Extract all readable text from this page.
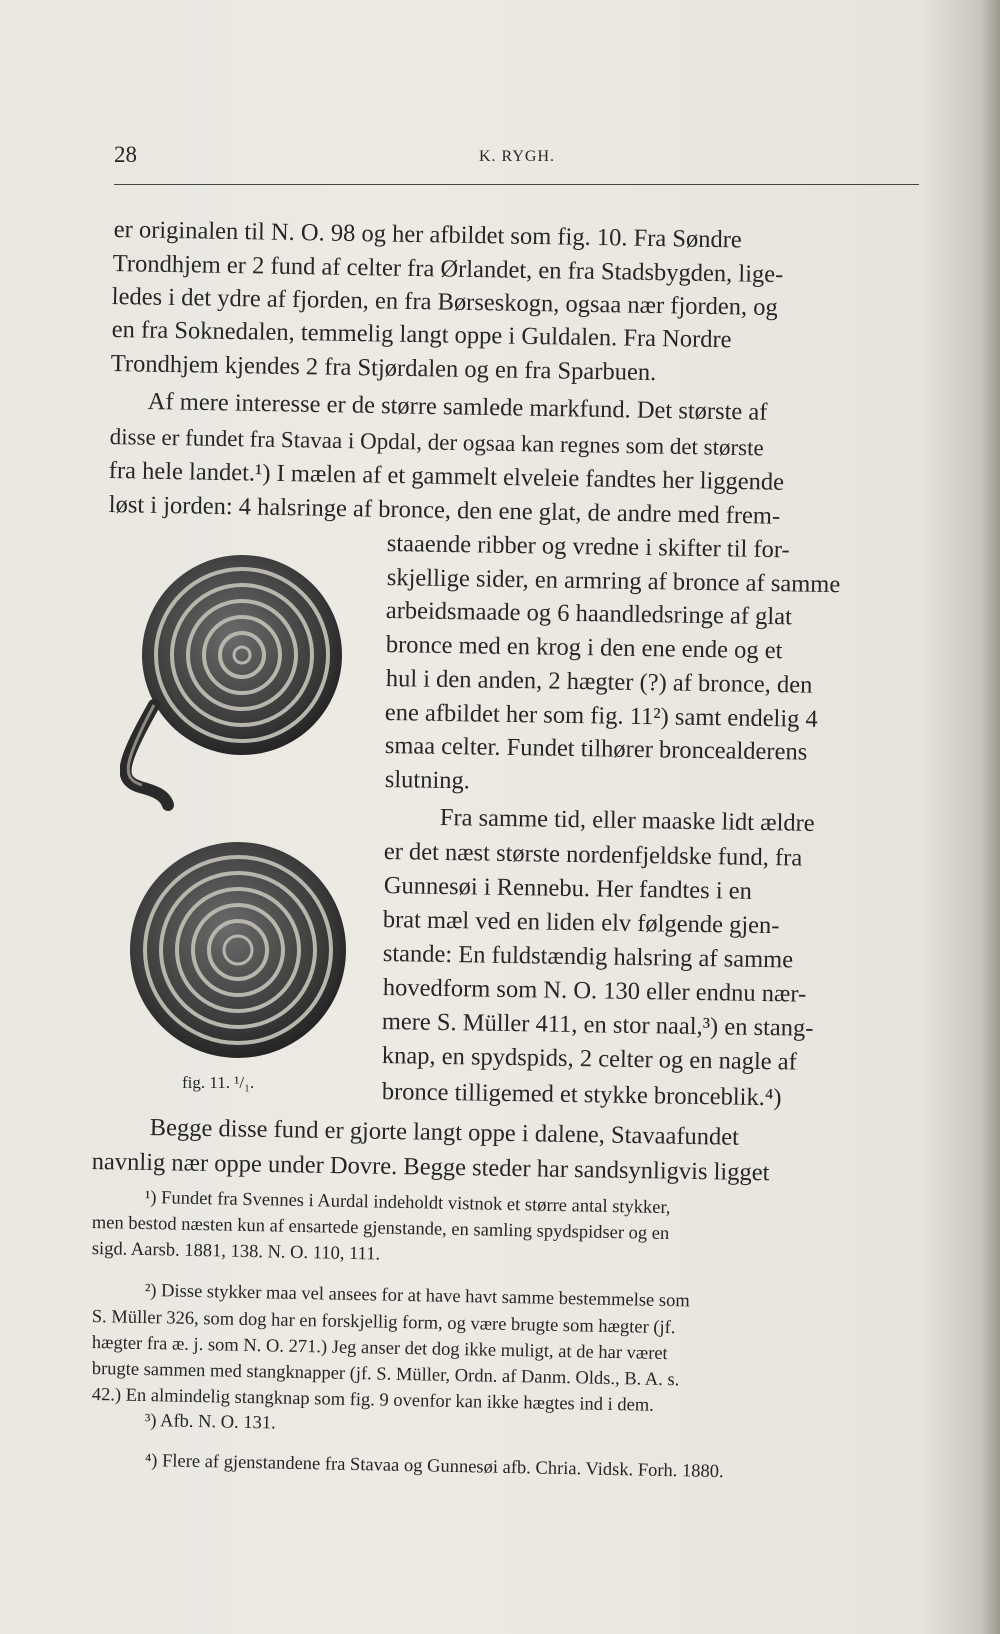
28	K. RYGH.
er originalen til N. O. 98 og her afbildet som fig. 10. Fra Søndre
Trondhjem er 2 fund af celter fra Ørlandet, en fra Stadsbygden, lige-
ledes i det ydre af fjorden, en fra Børseskogn, ogsaa nær fjorden, og
en fra Soknedalen, temmelig langt oppe i Guldalen. Fra Nordre
Trondhjem kjendes 2 fra Stjørdalen og en fra Sparbuen.
Af mere interesse er de større samlede markfund. Det største af
disse er fundet fra Stavaa i Opdal, der ogsaa kan regnes som det største
fra hele landet.¹) I mælen af et gammelt elveleie fandtes her liggende
løst i jorden: 4 halsringe af bronce, den ene glat, de andre med frem-
staaende ribber og vredne i skifter til for-
skjellige sider, en armring af bronce af samme
arbeidsmaade og 6 haandledsringe af glat
bronce med en krog i den ene ende og et
hul i den anden, 2 hægter (?) af bronce, den
ene afbildet her som fig. 11²) samt endelig 4
smaa celter. Fundet tilhører broncealderens
slutning.
Fra samme tid, eller maaske lidt ældre
er det næst største nordenfjeldske fund, fra
Gunnesøi i Rennebu. Her fandtes i en
brat mæl ved en liden elv følgende gjen-
stande: En fuldstændig halsring af samme
hovedform som N. O. 130 eller endnu nær-
mere S. Müller 411, en stor naal,³) en stang-
knap, en spydspids, 2 celter og en nagle af
bronce tilligemed et stykke bronceblik.⁴)
Begge disse fund er gjorte langt oppe i dalene, Stavaafundet
navnlig nær oppe under Dovre. Begge steder har sandsynligvis ligget
fig. 11. ¹/₁.
¹) Fundet fra Svennes i Aurdal indeholdt vistnok et større antal stykker,
men bestod næsten kun af ensartede gjenstande, en samling spydspidser og en
sigd. Aarsb. 1881, 138. N. O. 110, 111.
²) Disse stykker maa vel ansees for at have havt samme bestemmelse som
S. Müller 326, som dog har en forskjellig form, og være brugte som hægter (jf.
hægter fra æ. j. som N. O. 271.) Jeg anser det dog ikke muligt, at de har været
brugte sammen med stangknapper (jf. S. Müller, Ordn. af Danm. Olds., B. A. s.
42.) En almindelig stangknap som fig. 9 ovenfor kan ikke hægtes ind i dem.
³) Afb. N. O. 131.
⁴) Flere af gjenstandene fra Stavaa og Gunnesøi afb. Chria. Vidsk. Forh. 1880.
